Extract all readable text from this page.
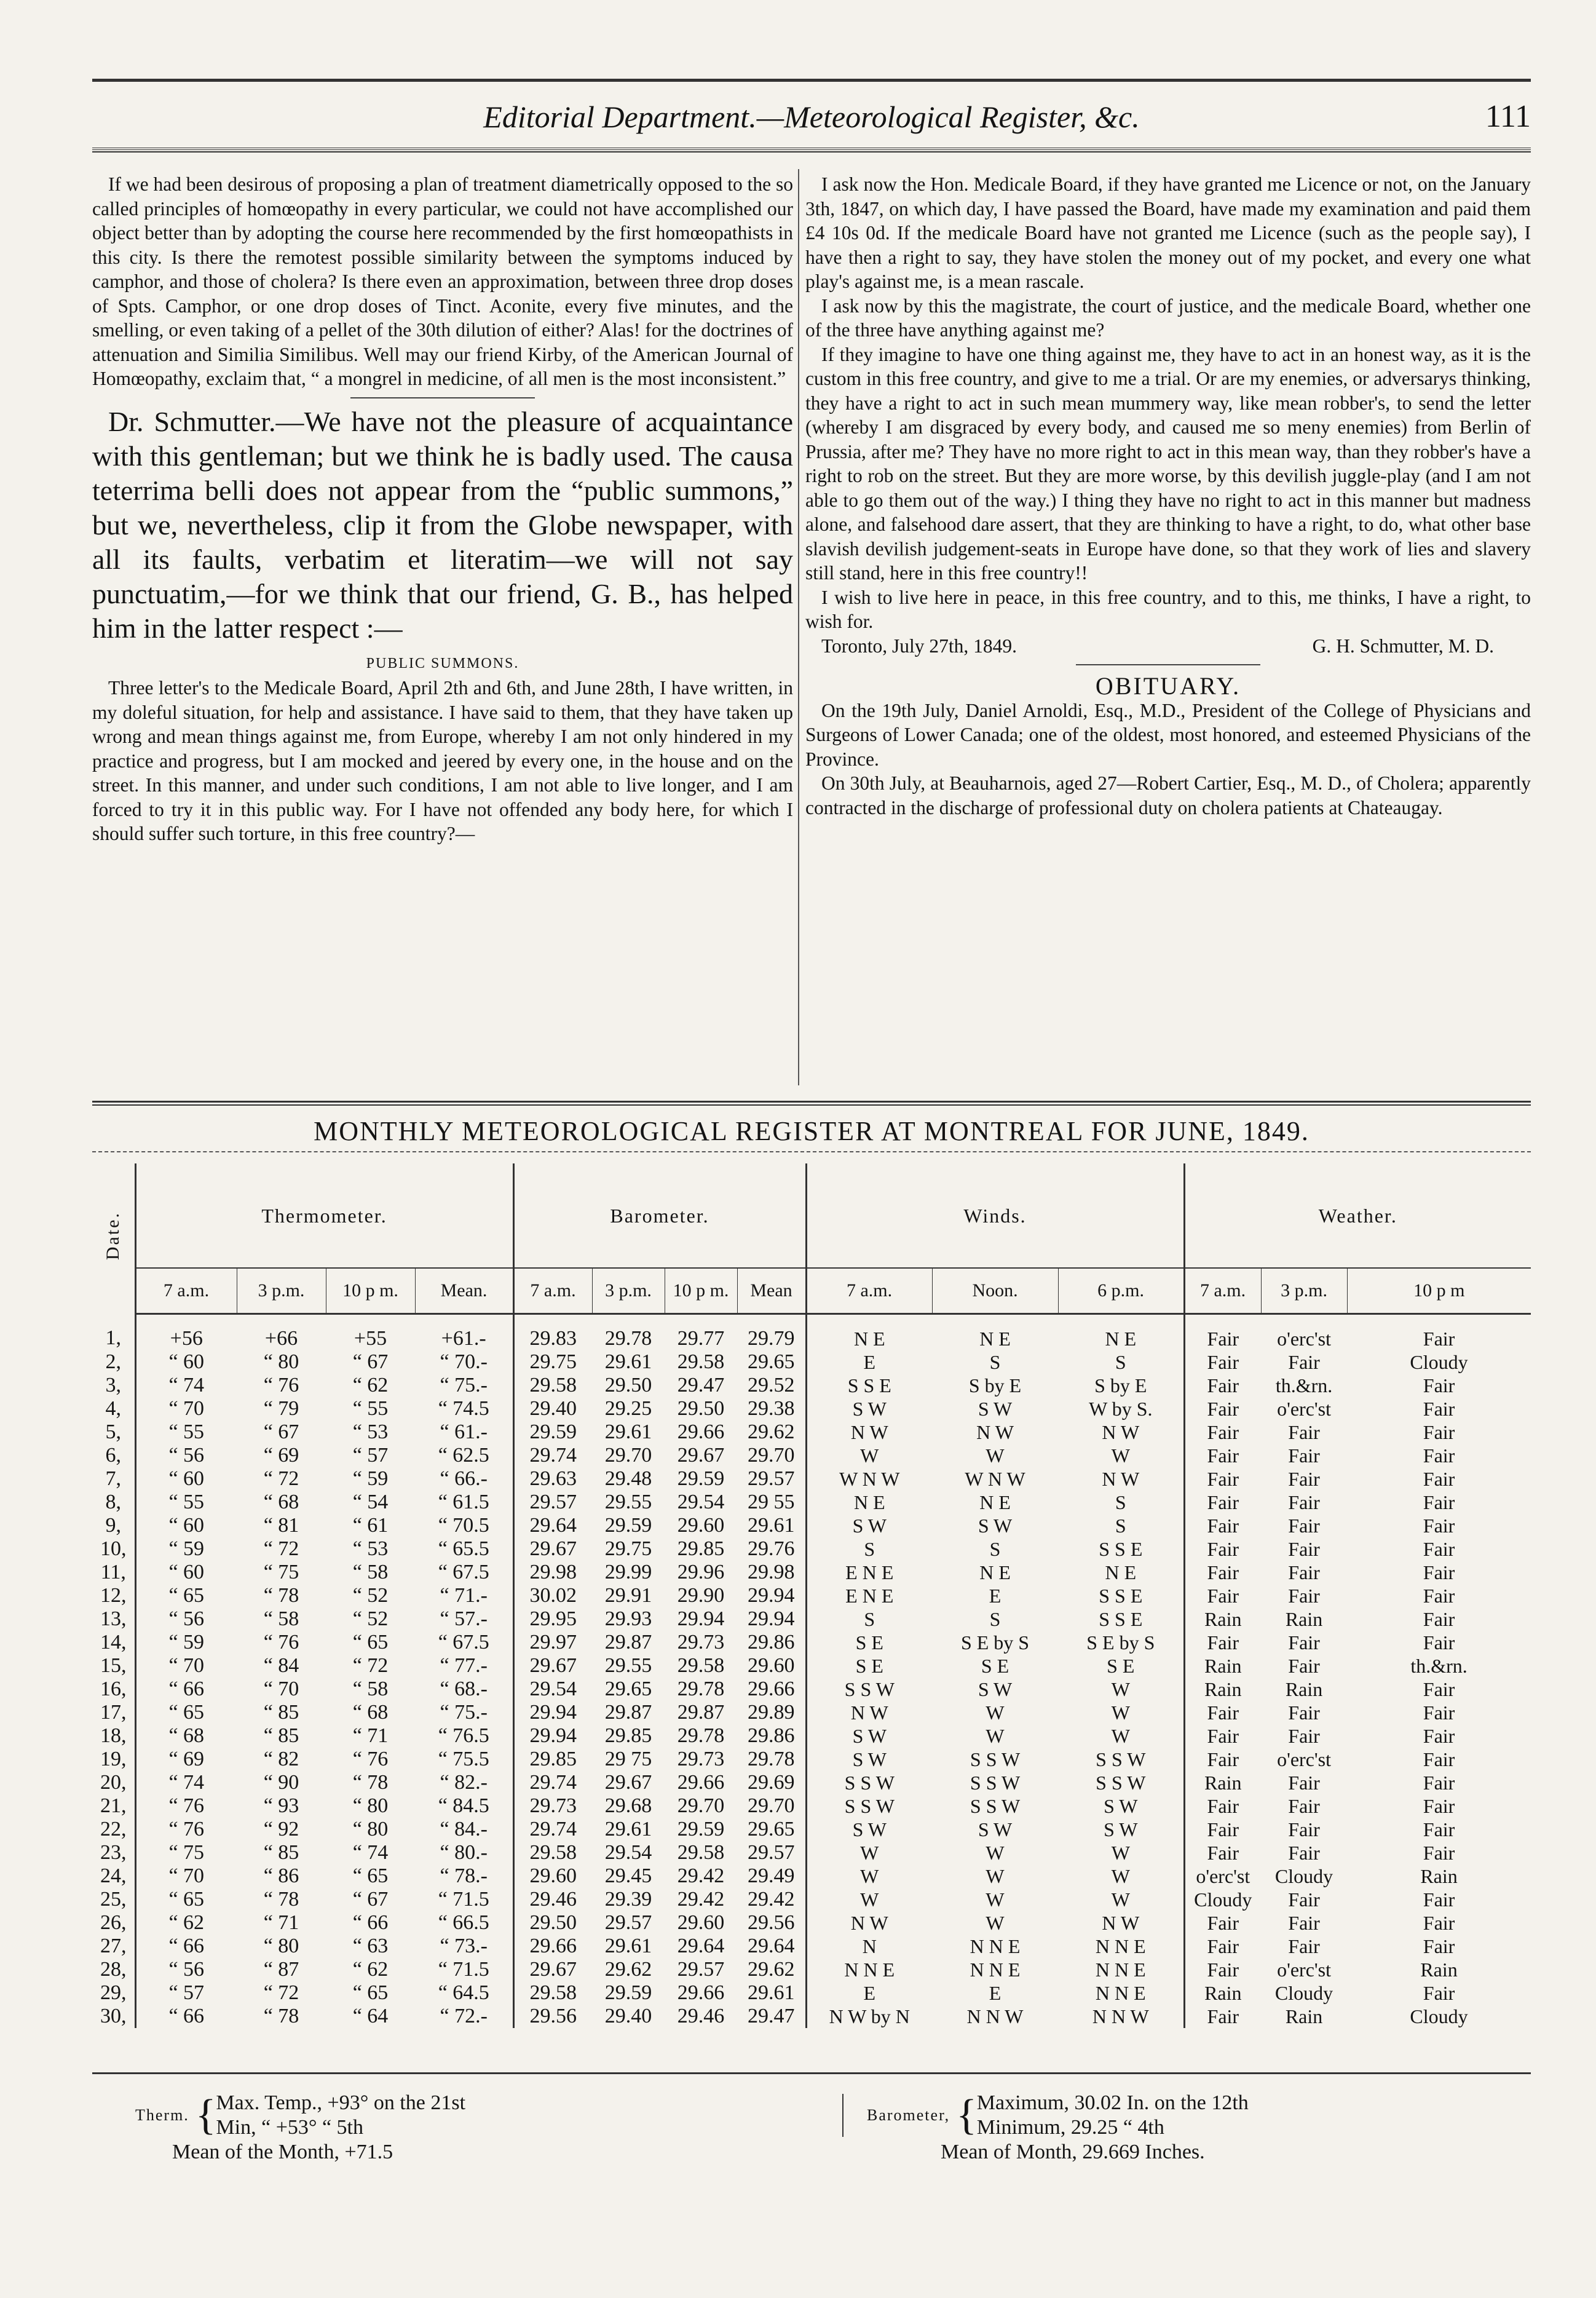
Editorial Department.—Meteorological Register, &c.	111

If we had been desirous of proposing a plan of treatment diametrically opposed to the so called principles of homœopathy in every particular, we could not have accomplished our object better than by adopting the course here recommended by the first homœopathists in this city. Is there the remotest possible similarity between the symptoms induced by camphor, and those of cholera? Is there even an approximation, between three drop doses of Spts. Camphor, or one drop doses of Tinct. Aconite, every five minutes, and the smelling, or even taking of a pellet of the 30th dilution of either? Alas! for the doctrines of attenuation and Similia Similibus. Well may our friend Kirby, of the American Journal of Homœopathy, exclaim that, “ a mongrel in medicine, of all men is the most inconsistent.”

Dr. Schmutter.—We have not the pleasure of acquaintance with this gentleman; but we think he is badly used. The causa teterrima belli does not appear from the “public summons,” but we, nevertheless, clip it from the Globe newspaper, with all its faults, verbatim et literatim—we will not say punctuatim,—for we think that our friend, G. B., has helped him in the latter respect :—

PUBLIC SUMMONS.

Three letter's to the Medicale Board, April 2th and 6th, and June 28th, I have written, in my doleful situation, for help and assistance. I have said to them, that they have taken up wrong and mean things against me, from Europe, whereby I am not only hindered in my practice and progress, but I am mocked and jeered by every one, in the house and on the street. In this manner, and under such conditions, I am not able to live longer, and I am forced to try it in this public way. For I have not offended any body here, for which I should suffer such torture, in this free country?—

I ask now the Hon. Medicale Board, if they have granted me Licence or not, on the January 3th, 1847, on which day, I have passed the Board, have made my examination and paid them £4 10s 0d. If the medicale Board have not granted me Licence (such as the people say), I have then a right to say, they have stolen the money out of my pocket, and every one what play's against me, is a mean rascale.

I ask now by this the magistrate, the court of justice, and the medicale Board, whether one of the three have anything against me?

If they imagine to have one thing against me, they have to act in an honest way, as it is the custom in this free country, and give to me a trial. Or are my enemies, or adversarys thinking, they have a right to act in such mean mummery way, like mean robber's, to send the letter (whereby I am disgraced by every body, and caused me so meny enemies) from Berlin of Prussia, after me? They have no more right to act in this mean way, than they robber's have a right to rob on the street. But they are more worse, by this devilish juggle-play (and I am not able to go them out of the way.) I thing they have no right to act in this manner but madness alone, and falsehood dare assert, that they are thinking to have a right, to do, what other base slavish devilish judgement-seats in Europe have done, so that they work of lies and slavery still stand, here in this free country!!

I wish to live here in peace, in this free country, and to this, me thinks, I have a right, to wish for.

Toronto, July 27th, 1849.	G. H. Schmutter, M. D.

OBITUARY.

On the 19th July, Daniel Arnoldi, Esq., M.D., President of the College of Physicians and Surgeons of Lower Canada; one of the oldest, most honored, and esteemed Physicians of the Province.

On 30th July, at Beauharnois, aged 27—Robert Cartier, Esq., M. D., of Cholera; apparently contracted in the discharge of professional duty on cholera patients at Chateaugay.

MONTHLY METEOROLOGICAL REGISTER AT MONTREAL FOR JUNE, 1849.
Date.	Thermometer.				Barometer.				Winds.			Weather.		
	7 a.m.	3 p.m.	10 p m.	Mean.	7 a.m.	3 p.m.	10 p m.	Mean	7 a.m.	Noon.	6 p.m.	7 a.m.	3 p.m.	10 p m
1,	+56	+66	+55	+61.-	29.83	29.78	29.77	29.79	N E	N E	N E	Fair	o'erc'st	Fair
2,	“ 60	“ 80	“ 67	“ 70.-	29.75	29.61	29.58	29.65	E	S	S	Fair	Fair	Cloudy
3,	“ 74	“ 76	“ 62	“ 75.-	29.58	29.50	29.47	29.52	S S E	S by E	S by E	Fair	th.&rn.	Fair
4,	“ 70	“ 79	“ 55	“ 74.5	29.40	29.25	29.50	29.38	S W	S W	W by S.	Fair	o'erc'st	Fair
5,	“ 55	“ 67	“ 53	“ 61.-	29.59	29.61	29.66	29.62	N W	N W	N W	Fair	Fair	Fair
6,	“ 56	“ 69	“ 57	“ 62.5	29.74	29.70	29.67	29.70	W	W	W	Fair	Fair	Fair
7,	“ 60	“ 72	“ 59	“ 66.-	29.63	29.48	29.59	29.57	W N W	W N W	N W	Fair	Fair	Fair
8,	“ 55	“ 68	“ 54	“ 61.5	29.57	29.55	29.54	29 55	N E	N E	S	Fair	Fair	Fair
9,	“ 60	“ 81	“ 61	“ 70.5	29.64	29.59	29.60	29.61	S W	S W	S	Fair	Fair	Fair
10,	“ 59	“ 72	“ 53	“ 65.5	29.67	29.75	29.85	29.76	S	S	S S E	Fair	Fair	Fair
11,	“ 60	“ 75	“ 58	“ 67.5	29.98	29.99	29.96	29.98	E N E	N E	N E	Fair	Fair	Fair
12,	“ 65	“ 78	“ 52	“ 71.-	30.02	29.91	29.90	29.94	E N E	E	S S E	Fair	Fair	Fair
13,	“ 56	“ 58	“ 52	“ 57.-	29.95	29.93	29.94	29.94	S	S	S S E	Rain	Rain	Fair
14,	“ 59	“ 76	“ 65	“ 67.5	29.97	29.87	29.73	29.86	S E	S E by S	S E by S	Fair	Fair	Fair
15,	“ 70	“ 84	“ 72	“ 77.-	29.67	29.55	29.58	29.60	S E	S E	S E	Rain	Fair	th.&rn.
16,	“ 66	“ 70	“ 58	“ 68.-	29.54	29.65	29.78	29.66	S S W	S W	W	Rain	Rain	Fair
17,	“ 65	“ 85	“ 68	“ 75.-	29.94	29.87	29.87	29.89	N W	W	W	Fair	Fair	Fair
18,	“ 68	“ 85	“ 71	“ 76.5	29.94	29.85	29.78	29.86	S W	W	W	Fair	Fair	Fair
19,	“ 69	“ 82	“ 76	“ 75.5	29.85	29 75	29.73	29.78	S W	S S W	S S W	Fair	o'erc'st	Fair
20,	“ 74	“ 90	“ 78	“ 82.-	29.74	29.67	29.66	29.69	S S W	S S W	S S W	Rain	Fair	Fair
21,	“ 76	“ 93	“ 80	“ 84.5	29.73	29.68	29.70	29.70	S S W	S S W	S W	Fair	Fair	Fair
22,	“ 76	“ 92	“ 80	“ 84.-	29.74	29.61	29.59	29.65	S W	S W	S W	Fair	Fair	Fair
23,	“ 75	“ 85	“ 74	“ 80.-	29.58	29.54	29.58	29.57	W	W	W	Fair	Fair	Fair
24,	“ 70	“ 86	“ 65	“ 78.-	29.60	29.45	29.42	29.49	W	W	W	o'erc'st	Cloudy	Rain
25,	“ 65	“ 78	“ 67	“ 71.5	29.46	29.39	29.42	29.42	W	W	W	Cloudy	Fair	Fair
26,	“ 62	“ 71	“ 66	“ 66.5	29.50	29.57	29.60	29.56	N W	W	N W	Fair	Fair	Fair
27,	“ 66	“ 80	“ 63	“ 73.-	29.66	29.61	29.64	29.64	N	N N E	N N E	Fair	Fair	Fair
28,	“ 56	“ 87	“ 62	“ 71.5	29.67	29.62	29.57	29.62	N N E	N N E	N N E	Fair	o'erc'st	Rain
29,	“ 57	“ 72	“ 65	“ 64.5	29.58	29.59	29.66	29.61	E	E	N N E	Rain	Cloudy	Fair
30,	“ 66	“ 78	“ 64	“ 72.-	29.56	29.40	29.46	29.47	N W by N	N N W	N N W	Fair	Rain	Cloudy
Therm. { Max. Temp., +93° on the 21st
Min, “ +53° “ 5th
Mean of the Month, +71.5
Barometer, { Maximum, 30.02 In. on the 12th
Minimum, 29.25 “ 4th
Mean of Month, 29.669 Inches.
